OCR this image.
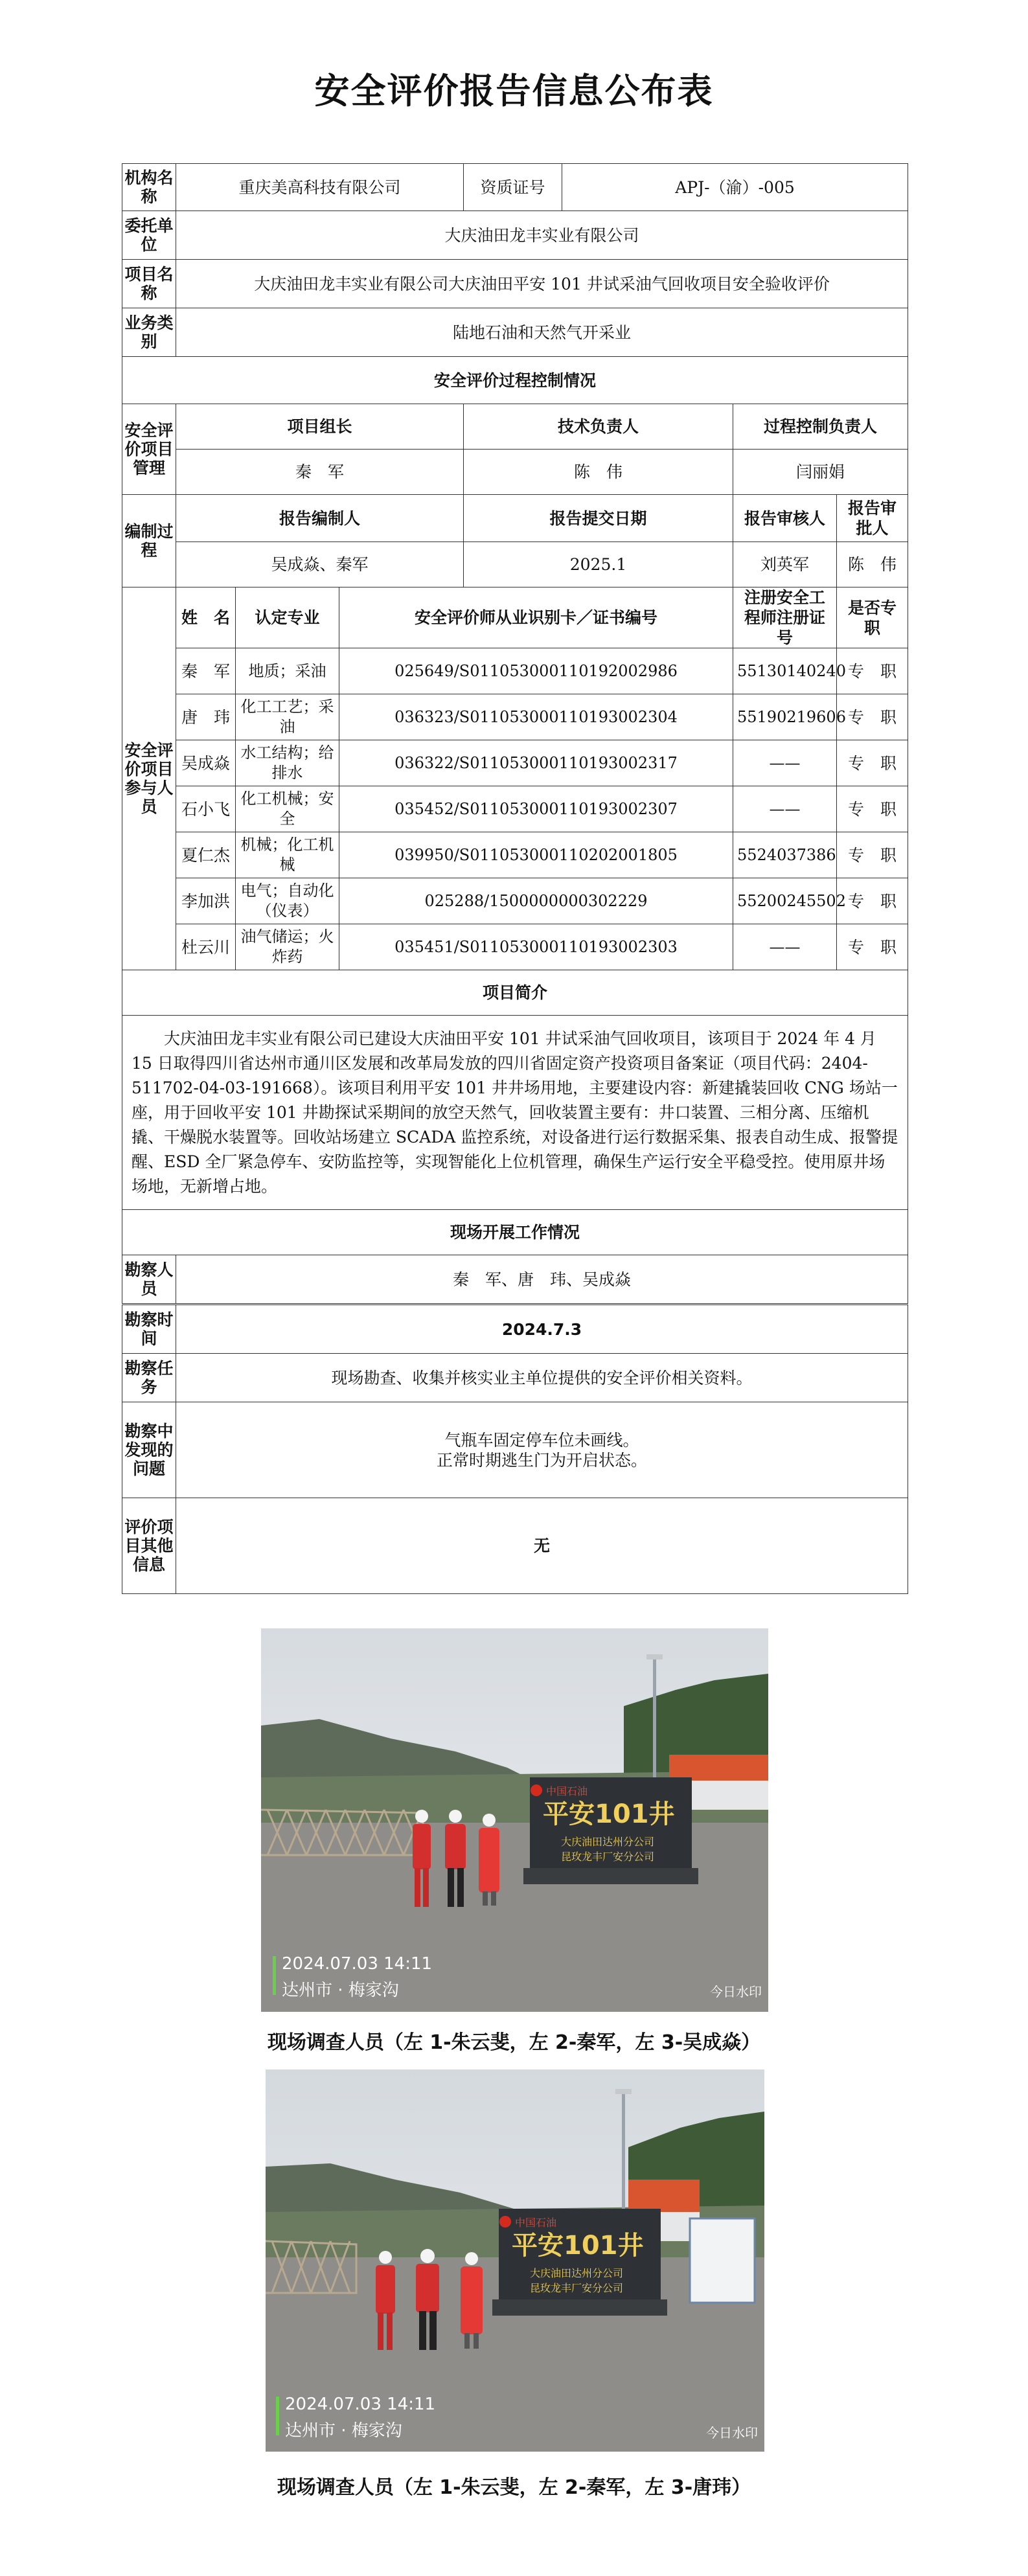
安全评价报告信息公布表
机构名称	重庆美高科技有限公司			资质证号	APJ-（渝）-005		
委托单位	大庆油田龙丰实业有限公司						
项目名称	大庆油田龙丰实业有限公司大庆油田平安 101 井试采油气回收项目安全验收评价						
业务类别	陆地石油和天然气开采业						
安全评价过程控制情况							
安全评价项目管理	项目组长			技术负责人		过程控制负责人	
	秦　军			陈　伟		闫丽娟	
编制过程	报告编制人			报告提交日期		报告审核人	报告审批人
	吴成焱、秦军			2025.1		刘英军	陈　伟
安全评价项目参与人员	姓　名	认定专业	安全评价师从业识别卡／证书编号			注册安全工程师注册证号	是否专职
	秦　军	地质；采油	025649/S011053000110192002986			55130140240	专　职
	唐　玮	化工工艺；采油	036323/S011053000110193002304			55190219606	专　职
	吴成焱	水工结构；给排水	036322/S011053000110193002317			——	专　职
	石小飞	化工机械；安全	035452/S011053000110193002307			——	专　职
	夏仁杰	机械；化工机械	039950/S011053000110202001805			5524037386	专　职
	李加洪	电气；自动化（仪表）	025288/1500000000302229			55200245502	专　职
	杜云川	油气储运；火炸药	035451/S011053000110193002303			——	专　职
项目简介							
大庆油田龙丰实业有限公司已建设大庆油田平安 101 井试采油气回收项目，该项目于 2024 年 4 月 15 日取得四川省达州市通川区发展和改革局发放的四川省固定资产投资项目备案证（项目代码：2404-511702-04-03-191668）。该项目利用平安 101 井井场用地，主要建设内容：新建撬装回收 CNG 场站一座，用于回收平安 101 井勘探试采期间的放空天然气，回收装置主要有：井口装置、三相分离、压缩机撬、干燥脱水装置等。回收站场建立 SCADA 监控系统，对设备进行运行数据采集、报表自动生成、报警提醒、ESD 全厂紧急停车、安防监控等，实现智能化上位机管理，确保生产运行安全平稳受控。使用原井场场地，无新增占地。							
现场开展工作情况							
勘察人员	秦　军、唐　玮、吴成焱						
勘察时间	2024.7.3
勘察任务	现场勘查、收集并核实业主单位提供的安全评价相关资料。
勘察中发现的问题	气瓶车固定停车位未画线。
正常时期逃生门为开启状态。

评价项目其他信息	无
中国石油
平安101井
大庆油田达州分公司
昆玫龙丰厂安分公司
2024.07.03 14:11
达州市 · 梅家沟	今日水印
现场调查人员（左 1-朱云斐，左 2-秦军，左 3-吴成焱）
中国石油
平安101井
大庆油田达州分公司
昆玫龙丰厂安分公司
2024.07.03 14:11
达州市 · 梅家沟	今日水印
现场调查人员（左 1-朱云斐，左 2-秦军，左 3-唐玮）
